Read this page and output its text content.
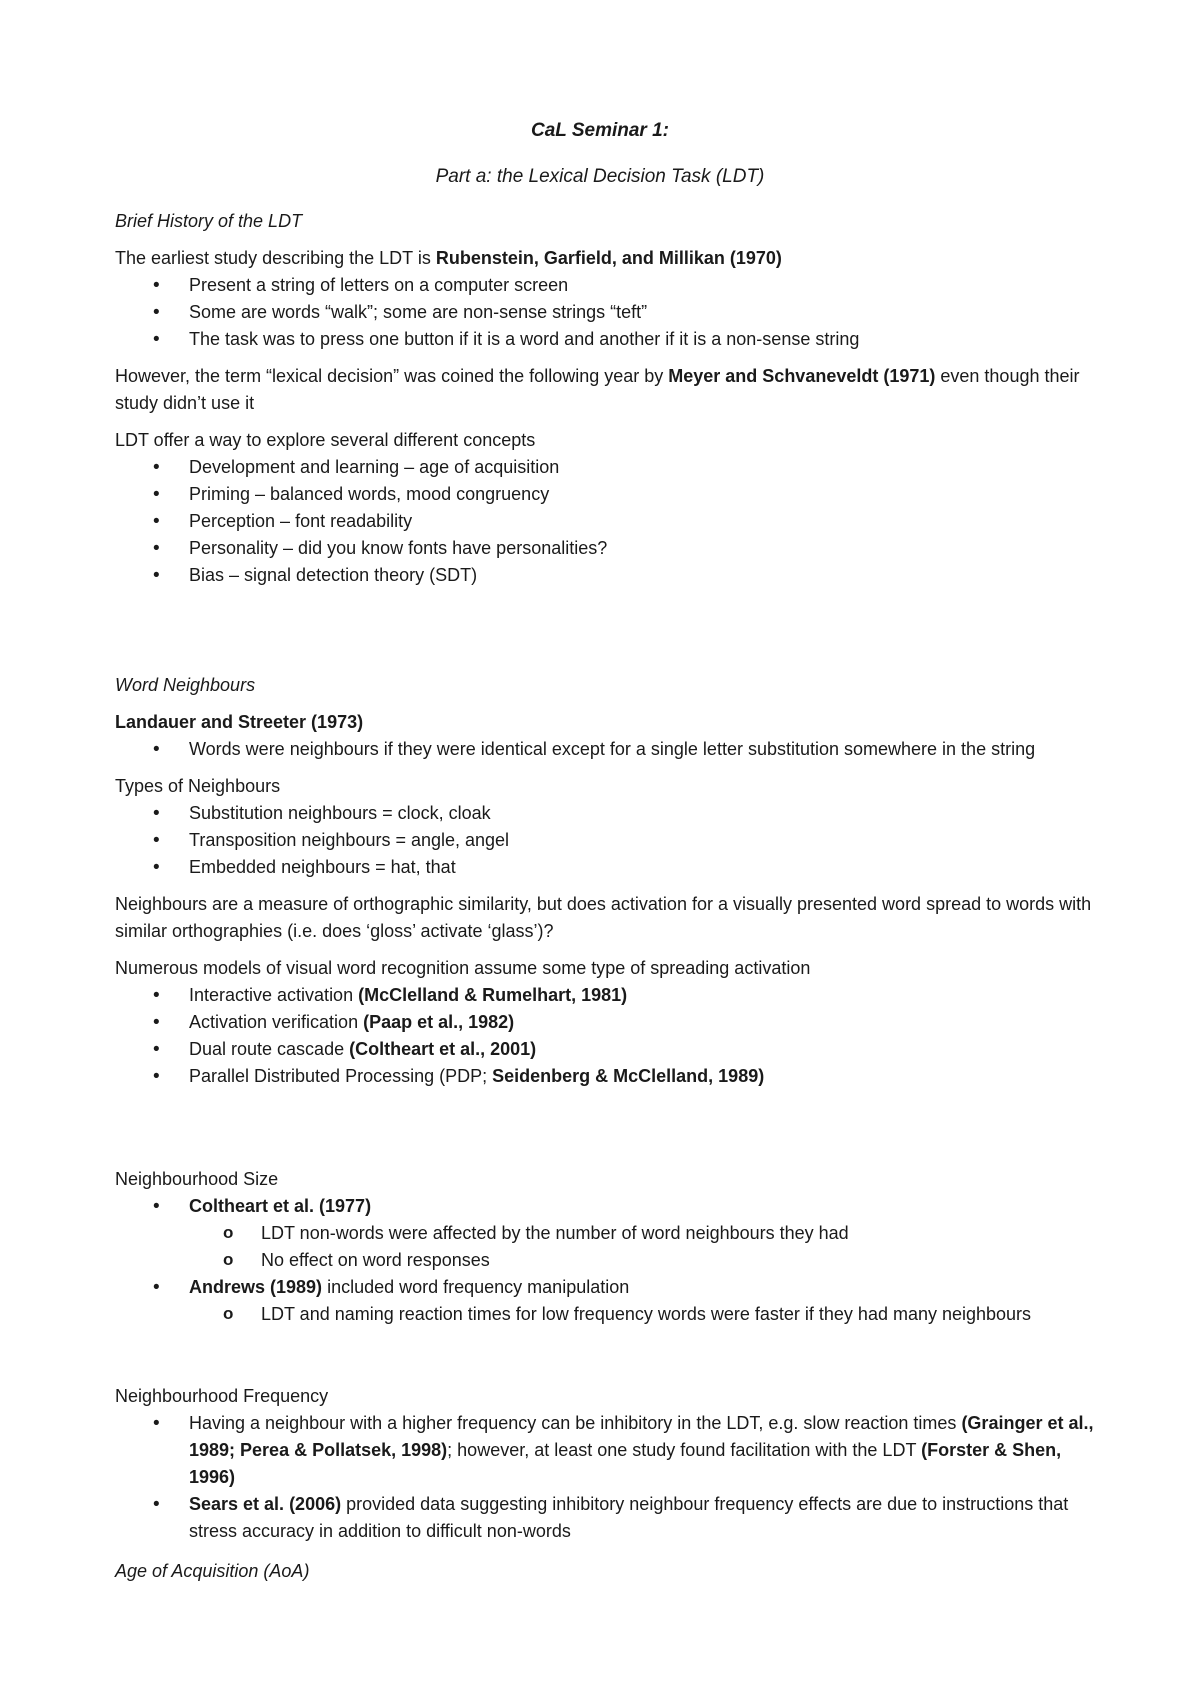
CaL Seminar 1:
Part a: the Lexical Decision Task (LDT)

Brief History of the LDT

The earliest study describing the LDT is Rubenstein, Garfield, and Millikan (1970)

• Present a string of letters on a computer screen
• Some are words “walk”; some are non-sense strings “teft”
• The task was to press one button if it is a word and another if it is a non-sense string

However, the term “lexical decision” was coined the following year by Meyer and Schvaneveldt (1971) even though their study didn’t use it

LDT offer a way to explore several different concepts

• Development and learning – age of acquisition
• Priming – balanced words, mood congruency
• Perception – font readability
• Personality – did you know fonts have personalities?
• Bias – signal detection theory (SDT)

Word Neighbours

Landauer and Streeter (1973)

• Words were neighbours if they were identical except for a single letter substitution somewhere in the string

Types of Neighbours

• Substitution neighbours = clock, cloak
• Transposition neighbours = angle, angel
• Embedded neighbours = hat, that

Neighbours are a measure of orthographic similarity, but does activation for a visually presented word spread to words with similar orthographies (i.e. does ‘gloss’ activate ‘glass’)?

Numerous models of visual word recognition assume some type of spreading activation

• Interactive activation (McClelland & Rumelhart, 1981)
• Activation verification (Paap et al., 1982)
• Dual route cascade (Coltheart et al., 2001)
• Parallel Distributed Processing (PDP; Seidenberg & McClelland, 1989)

Neighbourhood Size

• Coltheart et al. (1977)
o LDT non-words were affected by the number of word neighbours they had
o No effect on word responses
• Andrews (1989) included word frequency manipulation
o LDT and naming reaction times for low frequency words were faster if they had many neighbours

Neighbourhood Frequency

• Having a neighbour with a higher frequency can be inhibitory in the LDT, e.g. slow reaction times (Grainger et al., 1989; Perea & Pollatsek, 1998); however, at least one study found facilitation with the LDT (Forster & Shen, 1996)
• Sears et al. (2006) provided data suggesting inhibitory neighbour frequency effects are due to instructions that stress accuracy in addition to difficult non-words

Age of Acquisition (AoA)
